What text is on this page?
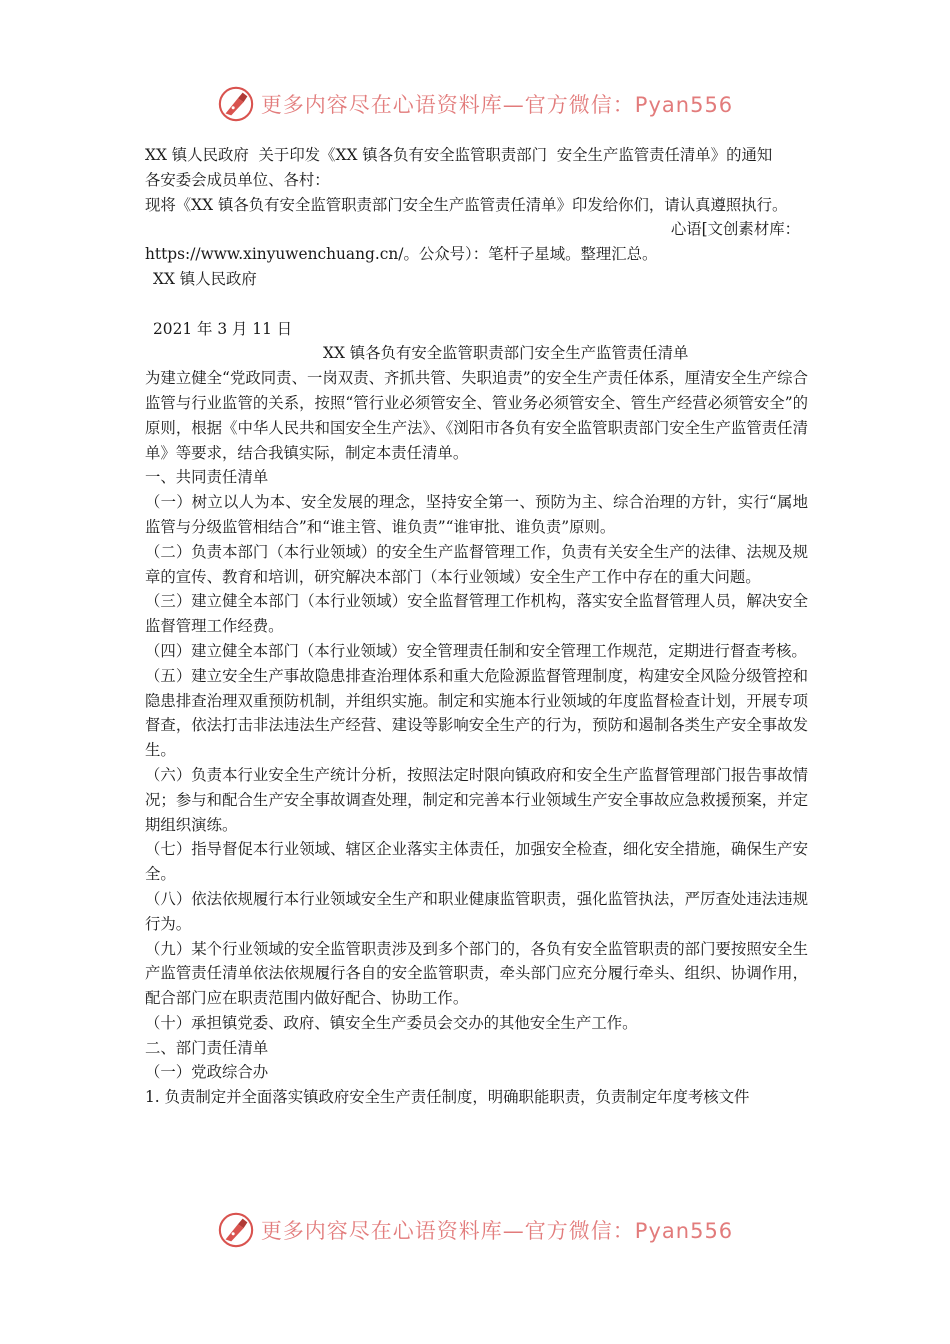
更多内容尽在心语资料库—官方微信：Pyan556

XX 镇人民政府  关于印发《XX 镇各负有安全监管职责部门  安全生产监管责任清单》的通知

各安委会成员单位、各村：

现将《XX 镇各负有安全监管职责部门安全生产监管责任清单》印发给你们，请认真遵照执行。

心语[文创素材库：

https://www.xinyuwenchuang.cn/。公众号）：笔杆子星域。整理汇总。

XX 镇人民政府

2021 年 3 月 11 日

XX 镇各负有安全监管职责部门安全生产监管责任清单

为建立健全“党政同责、一岗双责、齐抓共管、失职追责”的安全生产责任体系，厘清安全生产综合监管与行业监管的关系，按照“管行业必须管安全、管业务必须管安全、管生产经营必须管安全”的原则，根据《中华人民共和国安全生产法》、《浏阳市各负有安全监管职责部门安全生产监管责任清单》等要求，结合我镇实际，制定本责任清单。

一、共同责任清单

（一）树立以人为本、安全发展的理念，坚持安全第一、预防为主、综合治理的方针，实行“属地监管与分级监管相结合”和“谁主管、谁负责”“谁审批、谁负责”原则。

（二）负责本部门（本行业领域）的安全生产监督管理工作，负责有关安全生产的法律、法规及规章的宣传、教育和培训，研究解决本部门（本行业领域）安全生产工作中存在的重大问题。

（三）建立健全本部门（本行业领域）安全监督管理工作机构，落实安全监督管理人员，解决安全监督管理工作经费。

（四）建立健全本部门（本行业领域）安全管理责任制和安全管理工作规范，定期进行督查考核。

（五）建立安全生产事故隐患排查治理体系和重大危险源监督管理制度，构建安全风险分级管控和隐患排查治理双重预防机制，并组织实施。制定和实施本行业领域的年度监督检查计划，开展专项督查，依法打击非法违法生产经营、建设等影响安全生产的行为，预防和遏制各类生产安全事故发生。

（六）负责本行业安全生产统计分析，按照法定时限向镇政府和安全生产监督管理部门报告事故情况；参与和配合生产安全事故调查处理，制定和完善本行业领域生产安全事故应急救援预案，并定期组织演练。

（七）指导督促本行业领域、辖区企业落实主体责任，加强安全检查，细化安全措施，确保生产安全。

（八）依法依规履行本行业领域安全生产和职业健康监管职责，强化监管执法，严厉查处违法违规行为。

（九）某个行业领域的安全监管职责涉及到多个部门的，各负有安全监管职责的部门要按照安全生产监管责任清单依法依规履行各自的安全监管职责，牵头部门应充分履行牵头、组织、协调作用，配合部门应在职责范围内做好配合、协助工作。

（十）承担镇党委、政府、镇安全生产委员会交办的其他安全生产工作。

二、部门责任清单

（一）党政综合办

1. 负责制定并全面落实镇政府安全生产责任制度，明确职能职责，负责制定年度考核文件

更多内容尽在心语资料库—官方微信：Pyan556
